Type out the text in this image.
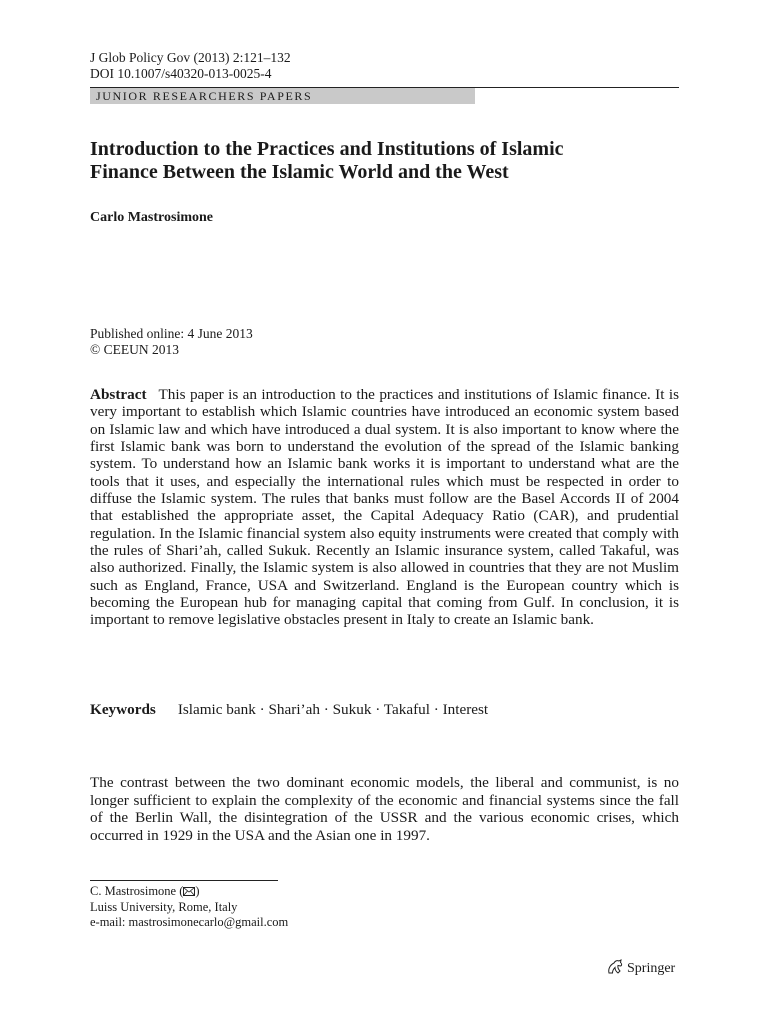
J Glob Policy Gov (2013) 2:121–132
DOI 10.1007/s40320-013-0025-4
JUNIOR RESEARCHERS PAPERS
Introduction to the Practices and Institutions of Islamic
Finance Between the Islamic World and the West
Carlo Mastrosimone
Published online: 4 June 2013
© CEEUN 2013

Abstract This paper is an introduction to the practices and institutions of Islamic finance. It is very important to establish which Islamic countries have introduced an economic system based on Islamic law and which have introduced a dual system. It is also important to know where the first Islamic bank was born to understand the evolution of the spread of the Islamic banking system. To understand how an Islamic bank works it is important to understand what are the tools that it uses, and especially the international rules which must be respected in order to diffuse the Islamic system. The rules that banks must follow are the Basel Accords II of 2004 that established the appropriate asset, the Capital Adequacy Ratio (CAR), and prudential regulation. In the Islamic financial system also equity instruments were created that comply with the rules of Shari’ah, called Sukuk. Recently an Islamic insurance system, called Takaful, was also authorized. Finally, the Islamic system is also allowed in countries that they are not Muslim such as England, France, USA and Switzerland. England is the European country which is becoming the European hub for managing capital that coming from Gulf. In conclusion, it is important to remove legislative obstacles present in Italy to create an Islamic bank.

Keywords Islamic bank · Shari’ah · Sukuk · Takaful · Interest

The contrast between the two dominant economic models, the liberal and communist, is no longer sufficient to explain the complexity of the economic and financial systems since the fall of the Berlin Wall, the disintegration of the USSR and the various economic crises, which occurred in 1929 in the USA and the Asian one in 1997.

C. Mastrosimone ( )
Luiss University, Rome, Italy
e-mail: mastrosimonecarlo@gmail.com
Springer
